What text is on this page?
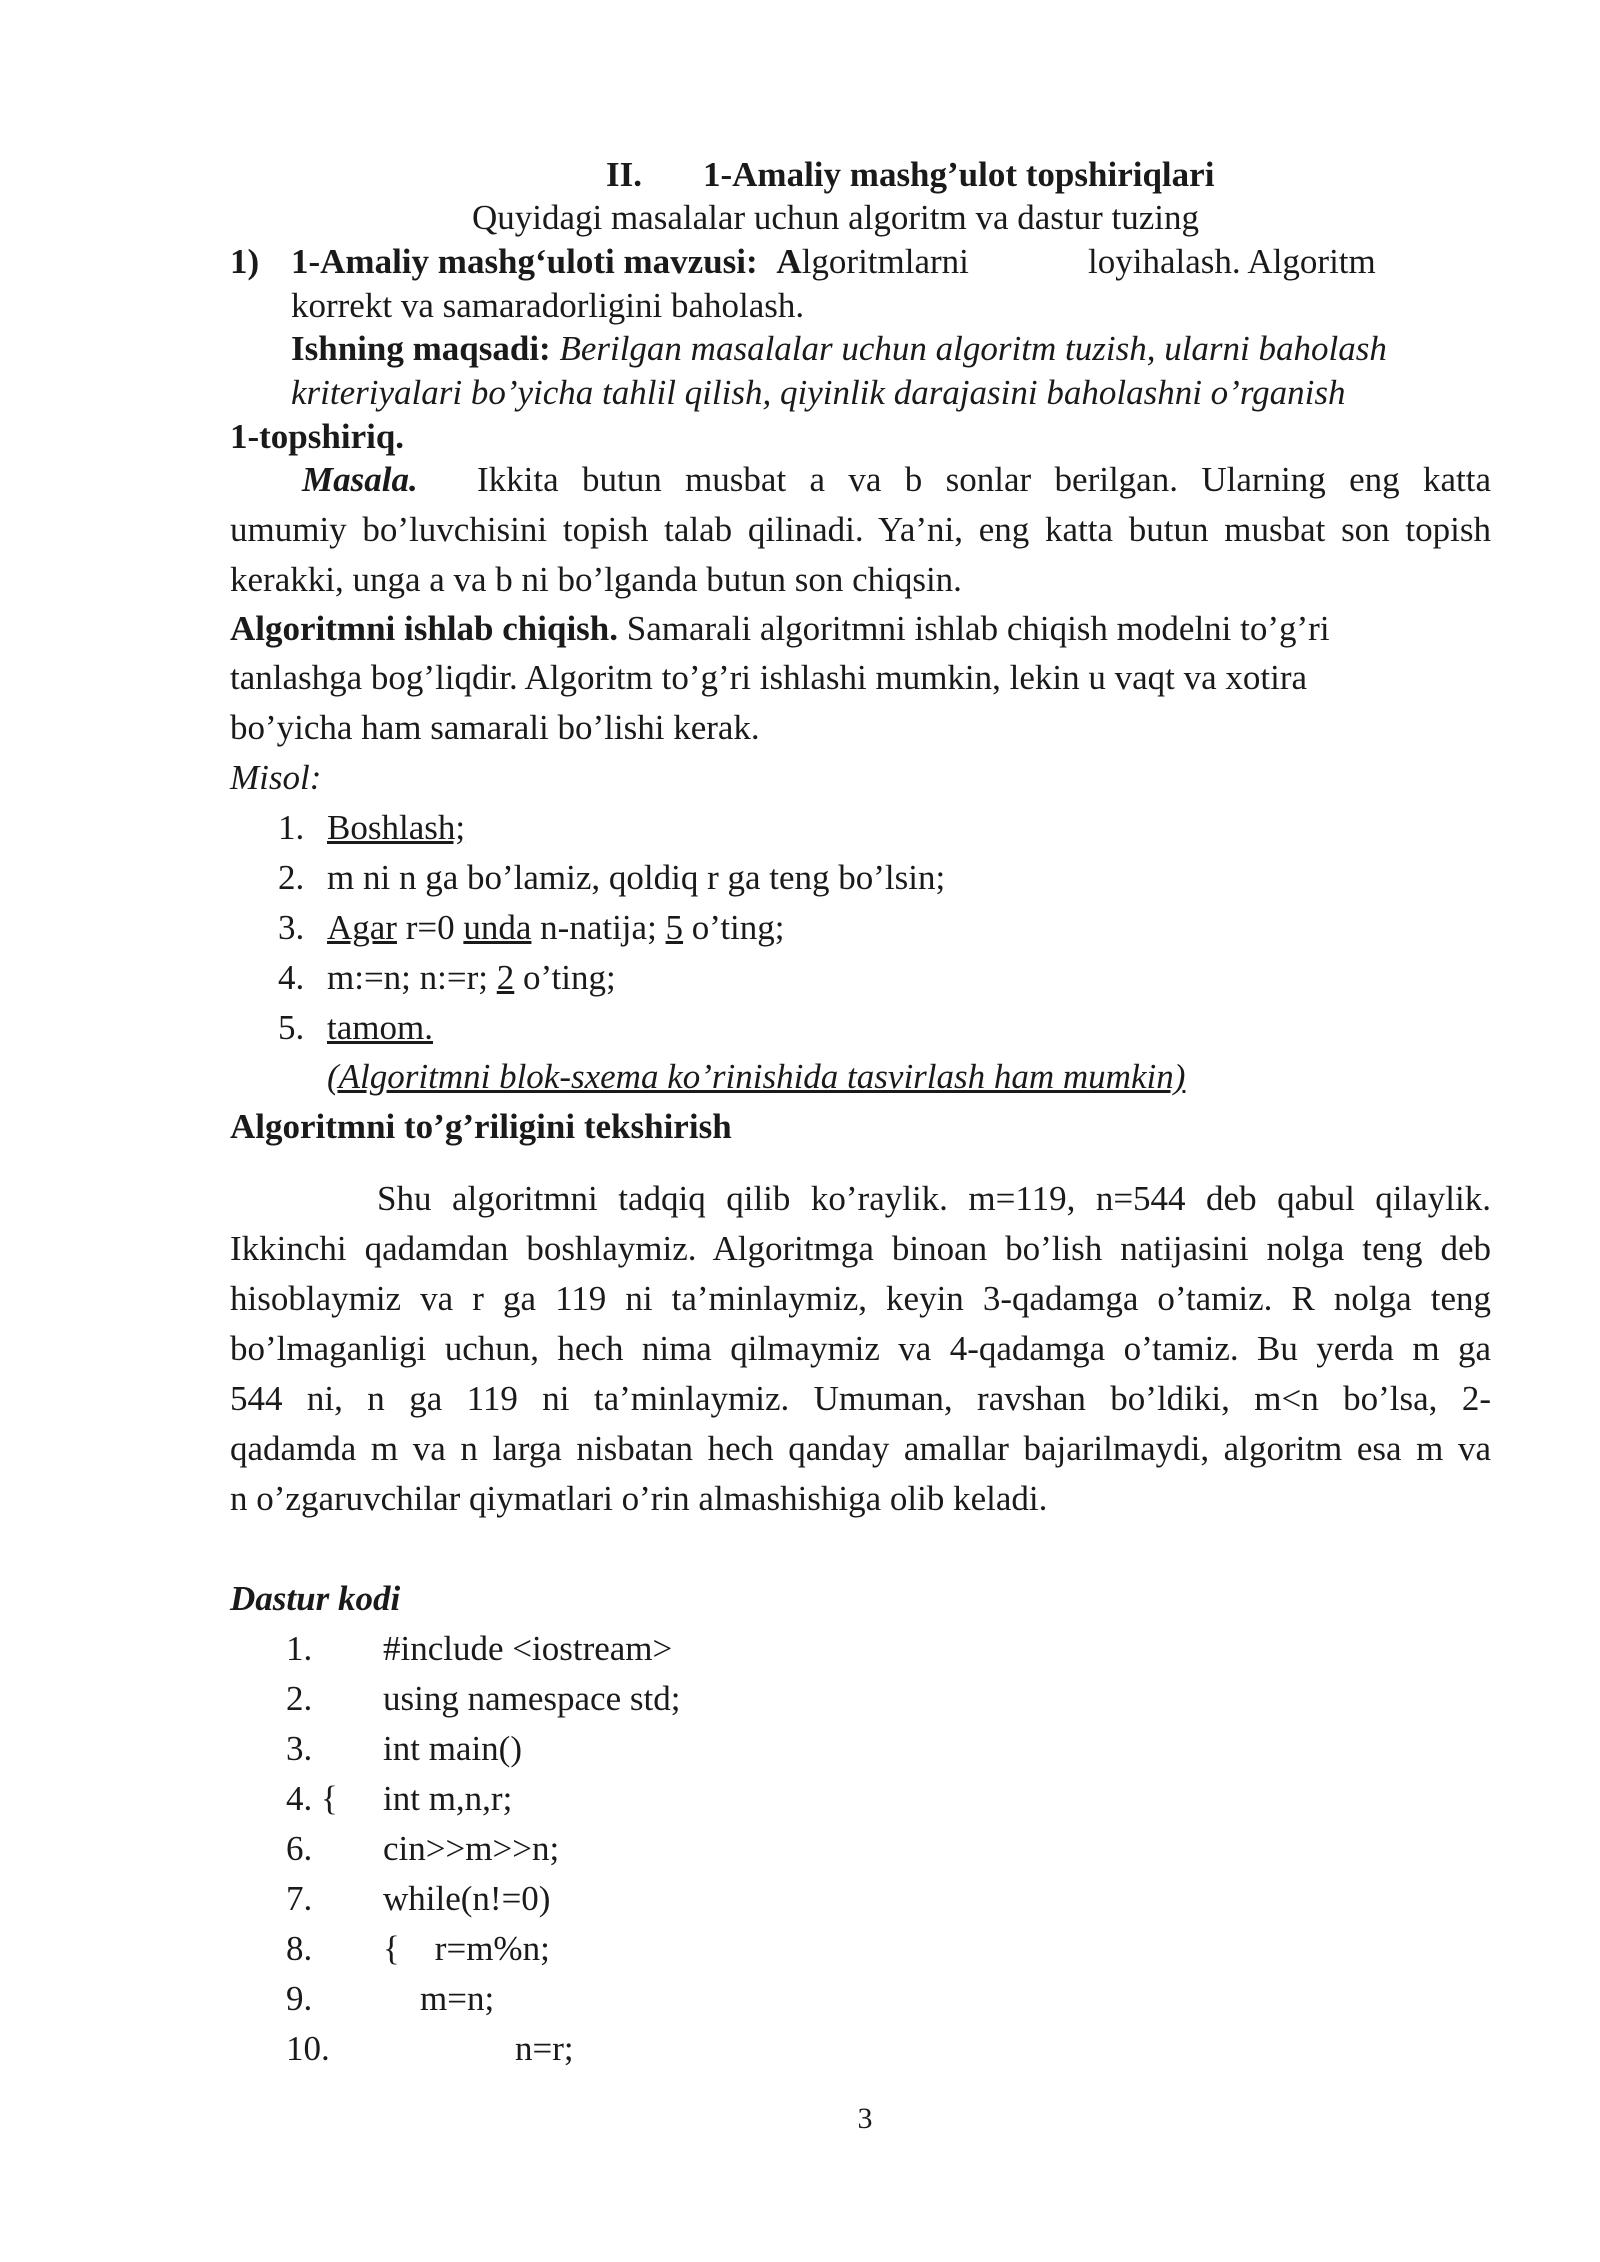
II. 1-Amaliy mashg’ulot topshiriqlari
Quyidagi masalalar uchun algoritm va dastur tuzing
1) 1-Amaliy mashg‘uloti mavzusi: Algoritmlarni	loyihalash. Algoritm
korrekt va samaradorligini baholash.
Ishning maqsadi: Berilgan masalalar uchun algoritm tuzish, ularni baholash
kriteriyalari bo’yicha tahlil qilish, qiyinlik darajasini baholashni o’rganish
1-topshiriq.
Masala. Ikkita butun musbat a va b sonlar berilgan. Ularning eng katta
umumiy bo’luvchisini topish talab qilinadi. Ya’ni, eng katta butun musbat son topish
kerakki, unga a va b ni bo’lganda butun son chiqsin.
Algoritmni ishlab chiqish. Samarali algoritmni ishlab chiqish modelni to’g’ri
tanlashga bog’liqdir. Algoritm to’g’ri ishlashi mumkin, lekin u vaqt va xotira
bo’yicha ham samarali bo’lishi kerak.
Misol:
1. Boshlash;
2. m ni n ga bo’lamiz, qoldiq r ga teng bo’lsin;
3. Agar r=0 unda n-natija; 5 o’ting;
4. m:=n; n:=r; 2 o’ting;
5. tamom.
(Algoritmni blok-sxema ko’rinishida tasvirlash ham mumkin)
Algoritmni to’g’riligini tekshirish
Shu algoritmni tadqiq qilib ko’raylik. m=119, n=544 deb qabul qilaylik.
Ikkinchi qadamdan boshlaymiz. Algoritmga binoan bo’lish natijasini nolga teng deb
hisoblaymiz va r ga 119 ni ta’minlaymiz, keyin 3-qadamga o’tamiz. R nolga teng
bo’lmaganligi uchun, hech nima qilmaymiz va 4-qadamga o’tamiz. Bu yerda m ga
544 ni, n ga 119 ni ta’minlaymiz. Umuman, ravshan bo’ldiki, m<n bo’lsa, 2-
qadamda m va n larga nisbatan hech qanday amallar bajarilmaydi, algoritm esa m va
n o’zgaruvchilar qiymatlari o’rin almashishiga olib keladi.
Dastur kodi
1. #include <iostream>
2. using namespace std;
3. int main()
4. { int m,n,r;
6. cin>>m>>n;
7. while(n!=0)
8. {    r=m%n;
9.	m=n;
10.	n=r;
3
